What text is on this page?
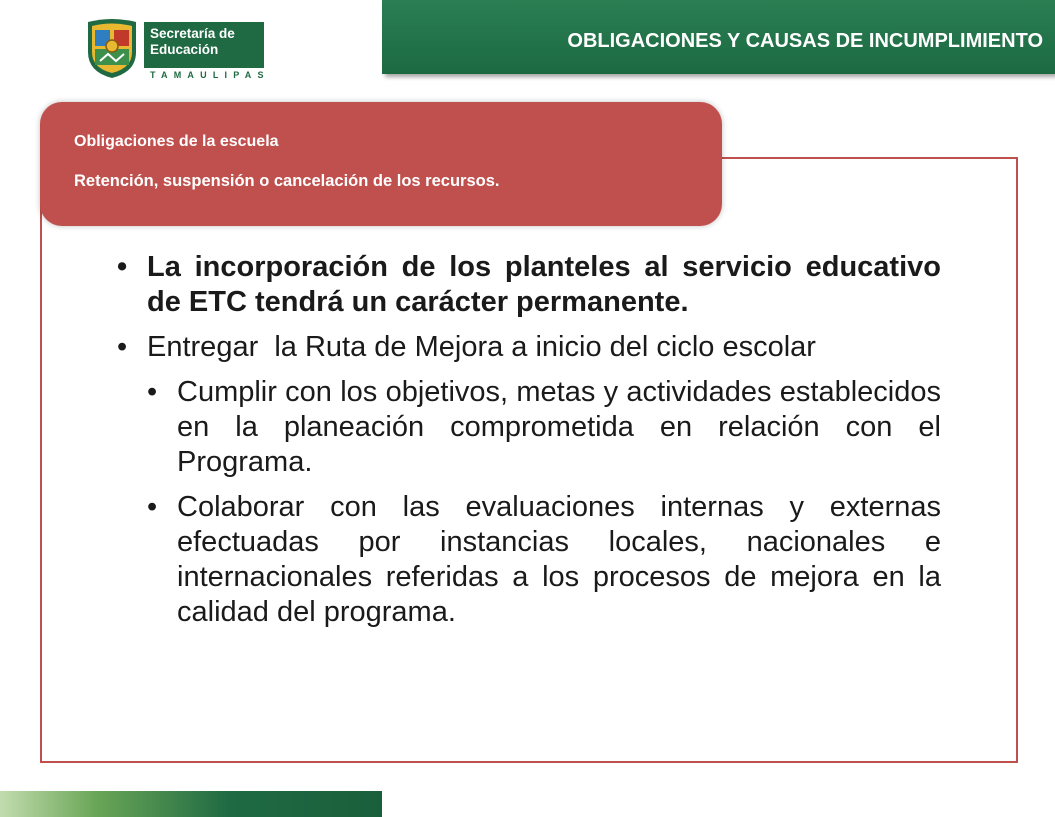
Secretaría de
Educación
TAMAULIPAS
OBLIGACIONES Y CAUSAS DE INCUMPLIMIENTO
Obligaciones de la escuela
Retención, suspensión o cancelación de los recursos.
• La incorporación de los planteles al servicio educativo de ETC tendrá un carácter permanente.
• Entregar  la Ruta de Mejora a inicio del ciclo escolar
• Cumplir con los objetivos, metas y actividades establecidos en la planeación comprometida en relación con el Programa.
• Colaborar con las evaluaciones internas y externas efectuadas por instancias locales, nacionales e internacionales referidas a los procesos de mejora en la calidad del programa.
